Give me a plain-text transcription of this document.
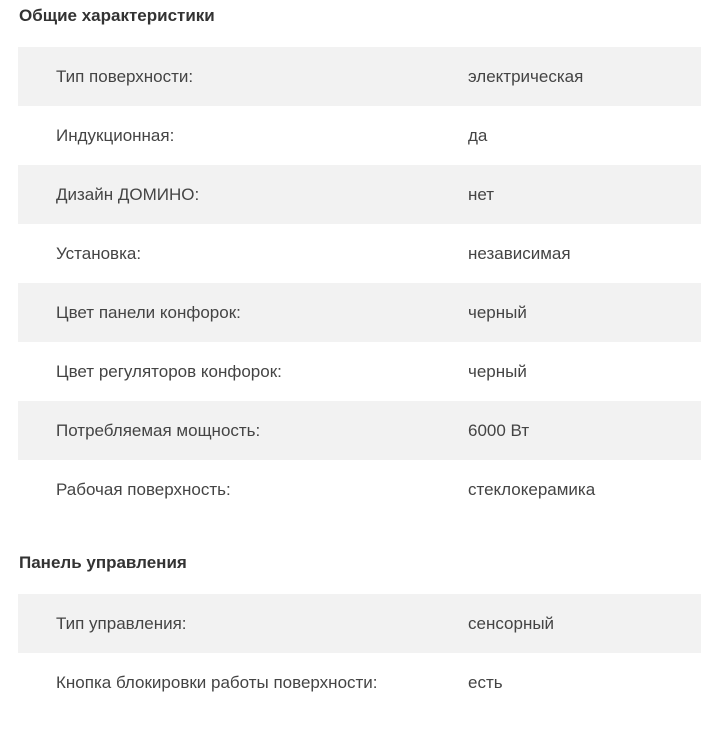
Общие характеристики
Тип поверхности:	электрическая
Индукционная:	да
Дизайн ДОМИНО:	нет
Установка:	независимая
Цвет панели конфорок:	черный
Цвет регуляторов конфорок:	черный
Потребляемая мощность:	6000 Вт
Рабочая поверхность:	стеклокерамика
Панель управления
Тип управления:	сенсорный
Кнопка блокировки работы поверхности:	есть
